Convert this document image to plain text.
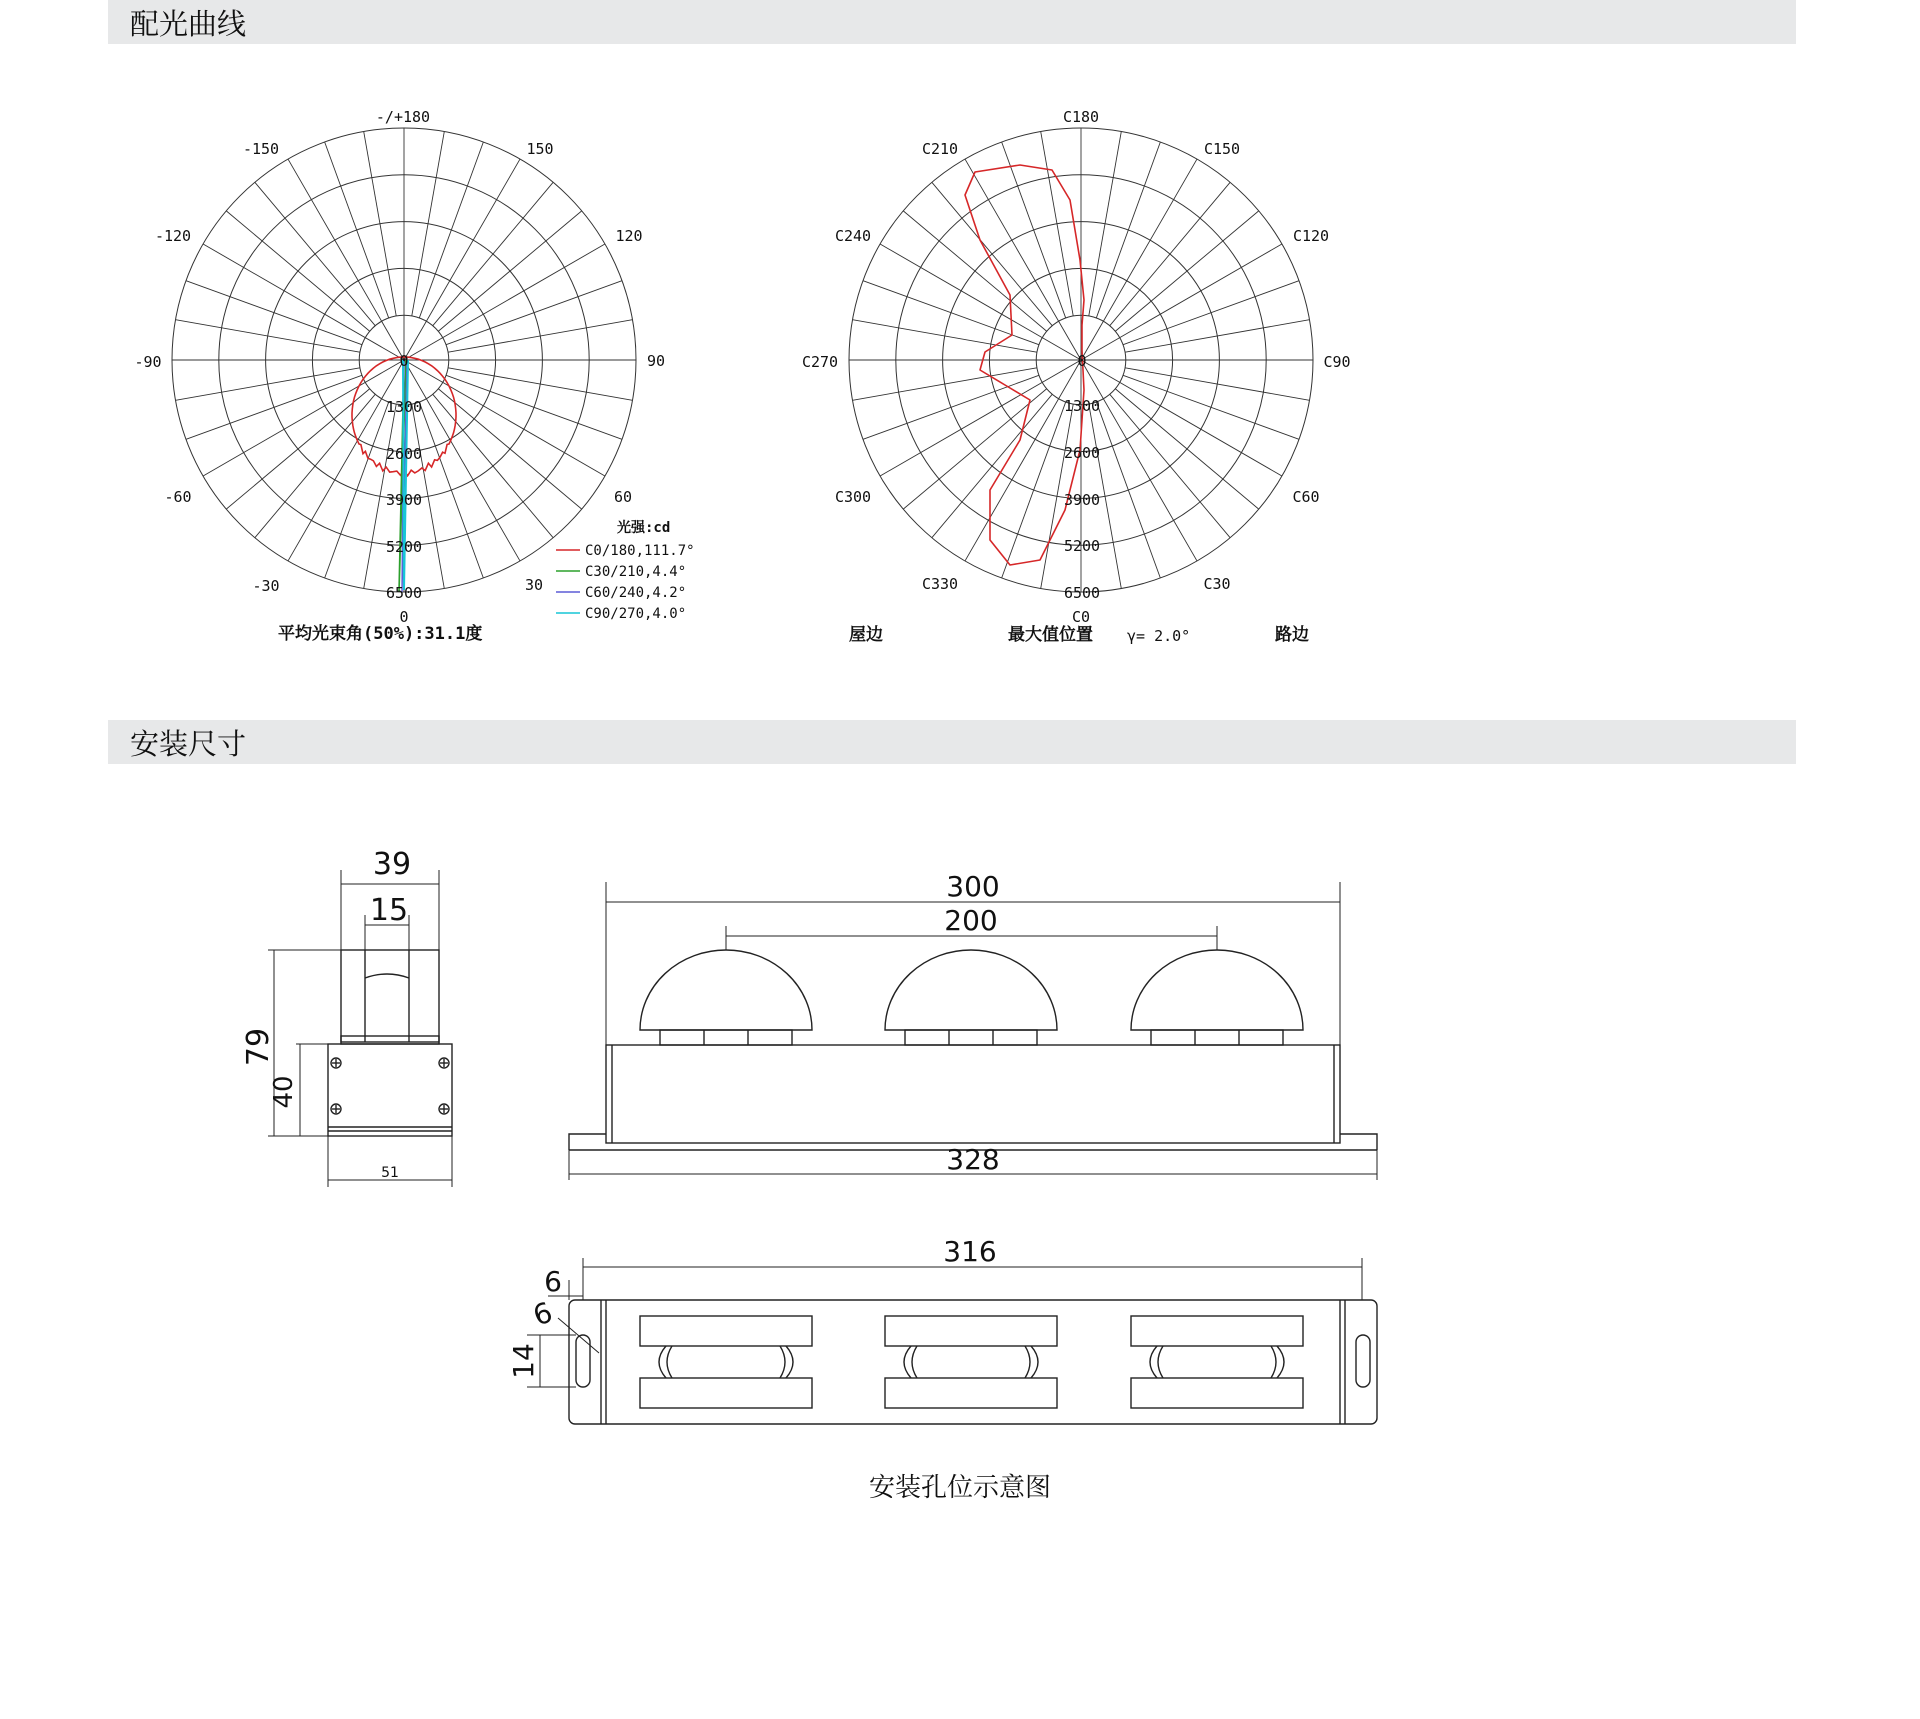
配光曲线
安装尺寸
-/+180
150
120
90
60
30
0
-30
-60
-90
-120
-150
0
1300
2600
3900
5200
6500
光强:cd
C0/180,111.7°
C30/210,4.4°
C60/240,4.2°
C90/270,4.0°
平均光束角(50%):31.1度
C180
C150
C120
C90
C60
C30
C0
C330
C300
C270
C240
C210
0
1300
2600
3900
5200
6500
屋边	最大值位置 γ= 2.0°	路边
39
15
79
40
51
300
200
328
316
6
6
14
安装孔位示意图
